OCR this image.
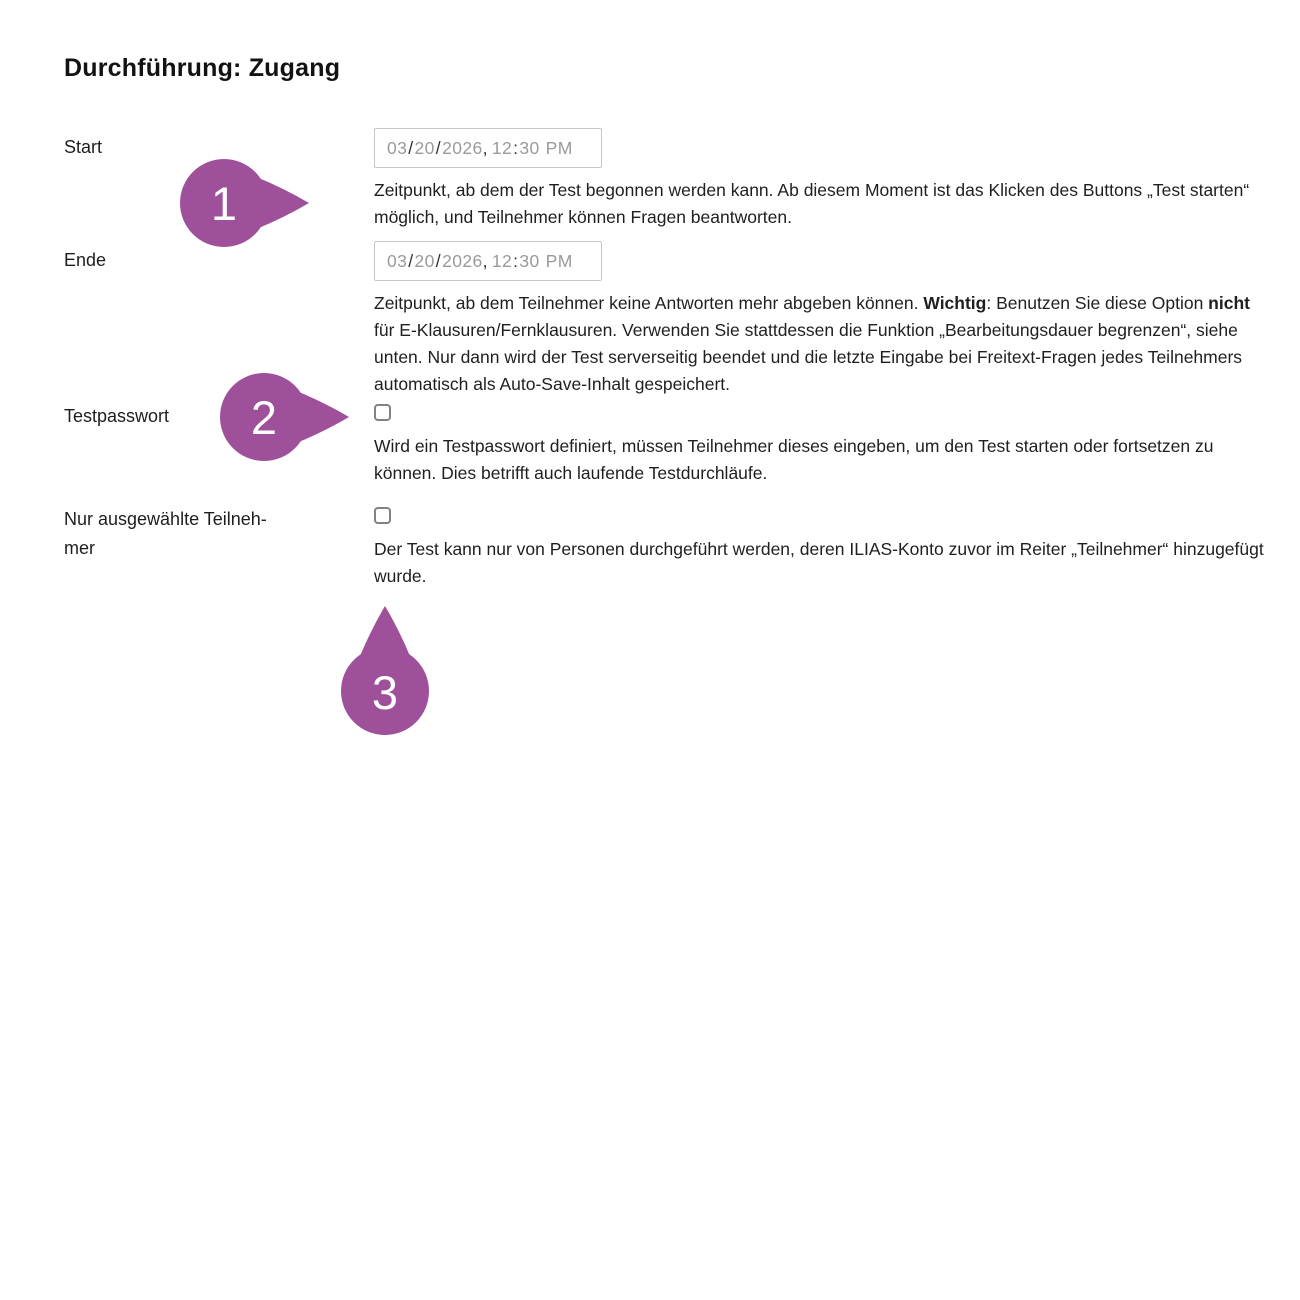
Durchführung: Zugang
Start	03 / 20 / 2026 , 12 : 30 PM

Zeitpunkt, ab dem der Test begonnen werden kann. Ab diesem Moment ist das Klicken des Buttons „Test starten“ möglich, und Teilnehmer können Fragen beantworten.

Ende	03 / 20 / 2026 , 12 : 30 PM

Zeitpunkt, ab dem Teilnehmer keine Antworten mehr abgeben können. Wichtig: Benutzen Sie diese Option nicht für E-Klausuren/Fernklausuren. Verwenden Sie stattdessen die Funktion „Bearbeitungsdauer begrenzen“, siehe unten. Nur dann wird der Test serverseitig beendet und die letzte Eingabe bei Freitext-Fragen jedes Teilnehmers automatisch als Auto-Save-Inhalt gespeichert.

Testpasswort

Wird ein Testpasswort definiert, müssen Teilnehmer dieses eingeben, um den Test starten oder fortsetzen zu können. Dies betrifft auch laufende Testdurchläufe.

Nur ausgewählte Teilnehmer	Der Test kann nur von Personen durchgeführt werden, deren ILIAS-Konto zuvor im Reiter „Teilnehmer“ hinzugefügt wurde.

1
2
3
